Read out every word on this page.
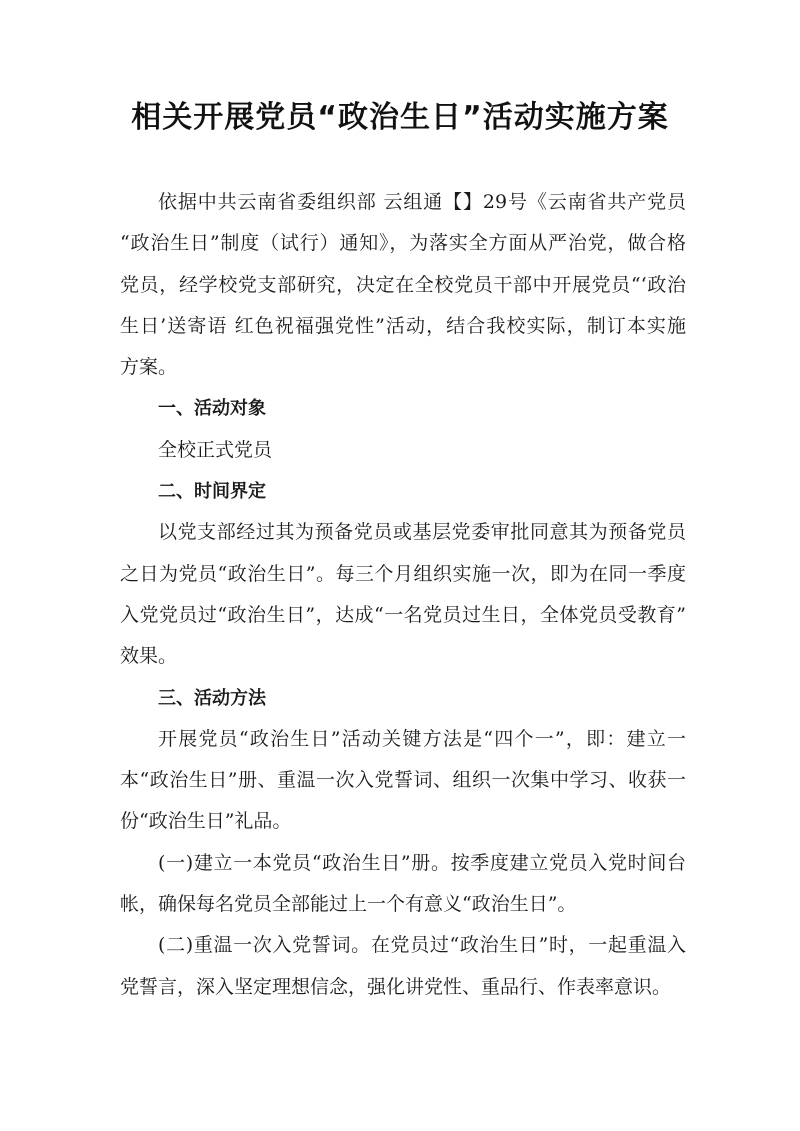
相关开展党员“政治生日”活动实施方案
依据中共云南省委组织部 云组通【】29号《云南省共产党员
“政治生日”制度（试行）通知》，为落实全方面从严治党，做合格
党员，经学校党支部研究，决定在全校党员干部中开展党员“‘政治
生日’送寄语 红色祝福强党性”活动，结合我校实际，制订本实施
方案。
一、活动对象
全校正式党员
二、时间界定
以党支部经过其为预备党员或基层党委审批同意其为预备党员
之日为党员“政治生日”。每三个月组织实施一次，即为在同一季度
入党党员过“政治生日”，达成“一名党员过生日，全体党员受教育”
效果。
三、活动方法
开展党员“政治生日”活动关键方法是“四个一”，即：建立一
本“政治生日”册、重温一次入党誓词、组织一次集中学习、收获一
份“政治生日”礼品。
(一)建立一本党员“政治生日”册。按季度建立党员入党时间台
帐，确保每名党员全部能过上一个有意义“政治生日”。
(二)重温一次入党誓词。在党员过“政治生日”时，一起重温入
党誓言，深入坚定理想信念，强化讲党性、重品行、作表率意识。
